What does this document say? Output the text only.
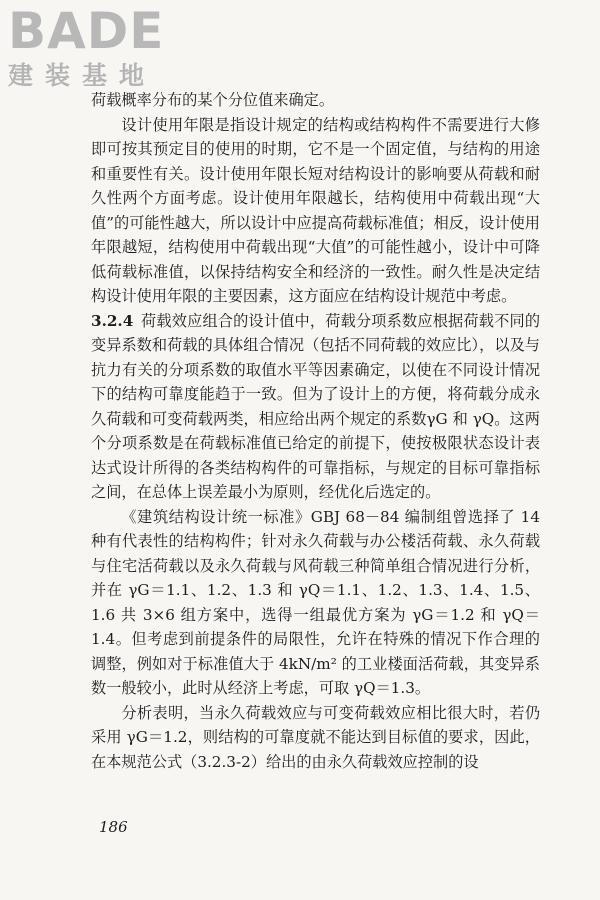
BADE
建装基地

荷载概率分布的某个分位值来确定。

设计使用年限是指设计规定的结构或结构构件不需要进行大修即可按其预定目的使用的时期，它不是一个固定值，与结构的用途和重要性有关。设计使用年限长短对结构设计的影响要从荷载和耐久性两个方面考虑。设计使用年限越长，结构使用中荷载出现“大值”的可能性越大，所以设计中应提高荷载标准值；相反，设计使用年限越短，结构使用中荷载出现“大值”的可能性越小，设计中可降低荷载标准值，以保持结构安全和经济的一致性。耐久性是决定结构设计使用年限的主要因素，这方面应在结构设计规范中考虑。

3.2.4 荷载效应组合的设计值中，荷载分项系数应根据荷载不同的变异系数和荷载的具体组合情况（包括不同荷载的效应比），以及与抗力有关的分项系数的取值水平等因素确定，以使在不同设计情况下的结构可靠度能趋于一致。但为了设计上的方便，将荷载分成永久荷载和可变荷载两类，相应给出两个规定的系数γG 和 γQ。这两个分项系数是在荷载标准值已给定的前提下，使按极限状态设计表达式设计所得的各类结构构件的可靠指标，与规定的目标可靠指标之间，在总体上误差最小为原则，经优化后选定的。

《建筑结构设计统一标准》GBJ 68－84 编制组曾选择了 14 种有代表性的结构构件；针对永久荷载与办公楼活荷载、永久荷载与住宅活荷载以及永久荷载与风荷载三种简单组合情况进行分析，并在 γG＝1.1、1.2、1.3 和 γQ＝1.1、1.2、1.3、1.4、1.5、1.6 共 3×6 组方案中，选得一组最优方案为 γG＝1.2 和 γQ＝1.4。但考虑到前提条件的局限性，允许在特殊的情况下作合理的调整，例如对于标准值大于 4kN/m² 的工业楼面活荷载，其变异系数一般较小，此时从经济上考虑，可取 γQ＝1.3。

分析表明，当永久荷载效应与可变荷载效应相比很大时，若仍采用 γG＝1.2，则结构的可靠度就不能达到目标值的要求，因此，在本规范公式（3.2.3-2）给出的由永久荷载效应控制的设

186
